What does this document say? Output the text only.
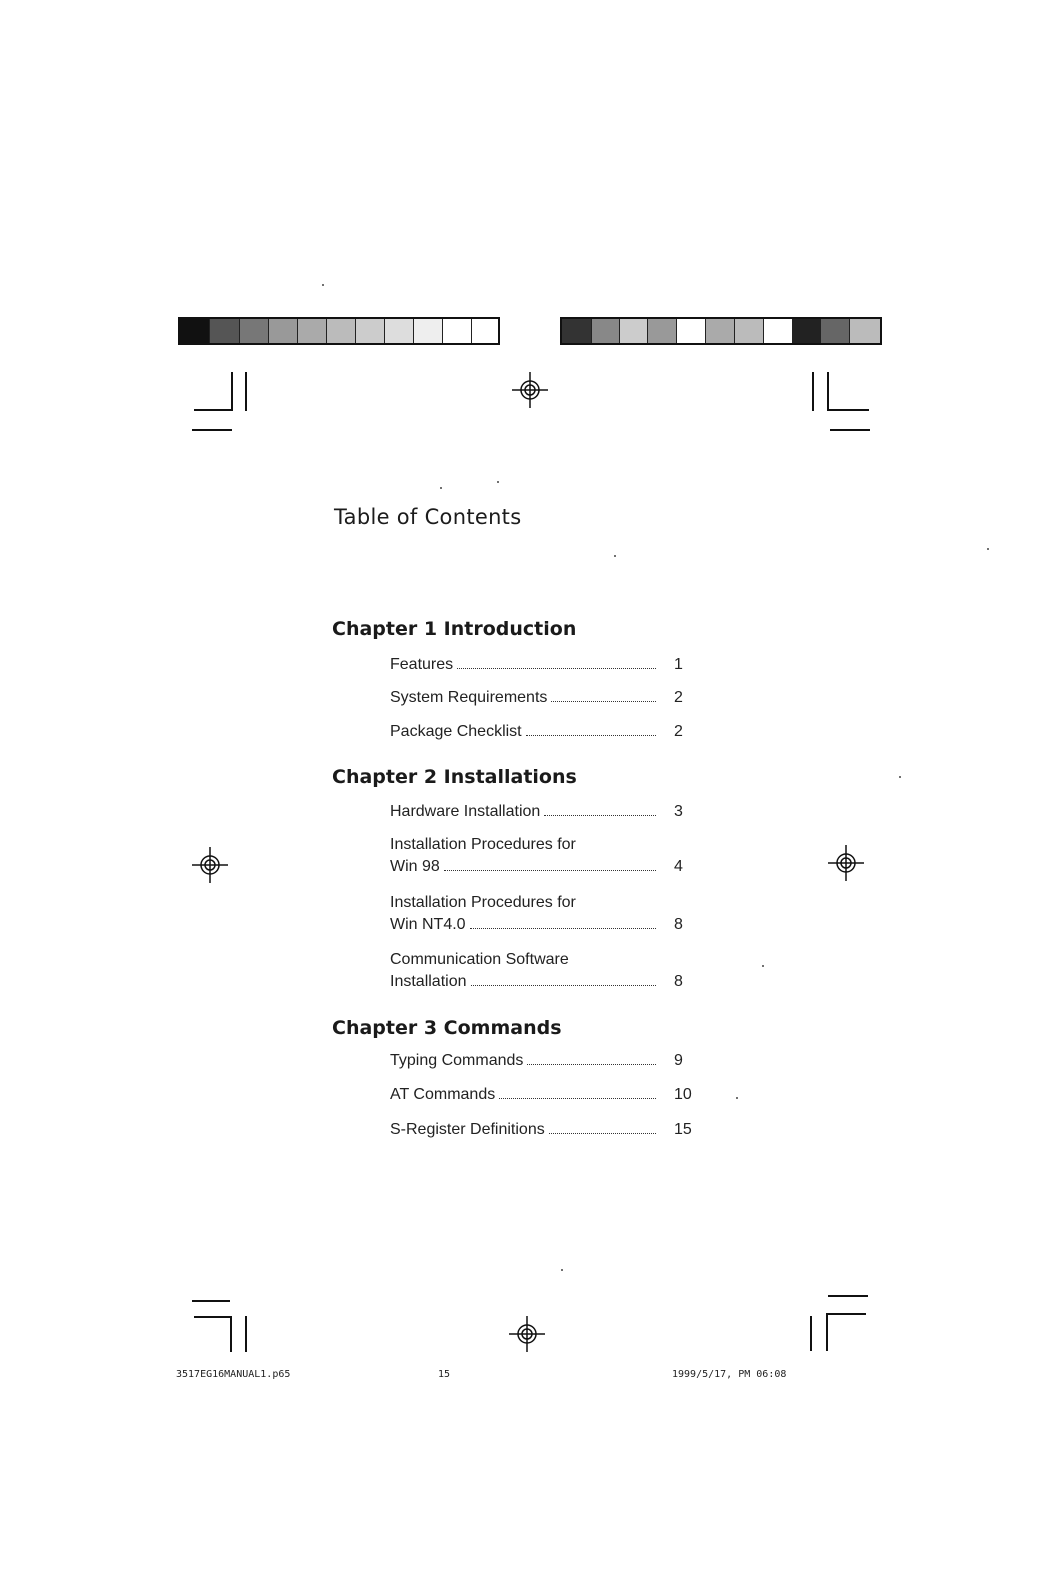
Table of Contents
Chapter 1 Introduction
Features	1
System Requirements	2
Package Checklist	2
Chapter 2 Installations
Hardware Installation	3
Installation Procedures for
Win 98	4
Installation Procedures for
Win NT4.0	8
Communication Software
Installation	8
Chapter 3 Commands
Typing Commands	9
AT Commands	10
S-Register Definitions	15
3517EG16MANUAL1.p65	15	1999/5/17, PM 06:08
